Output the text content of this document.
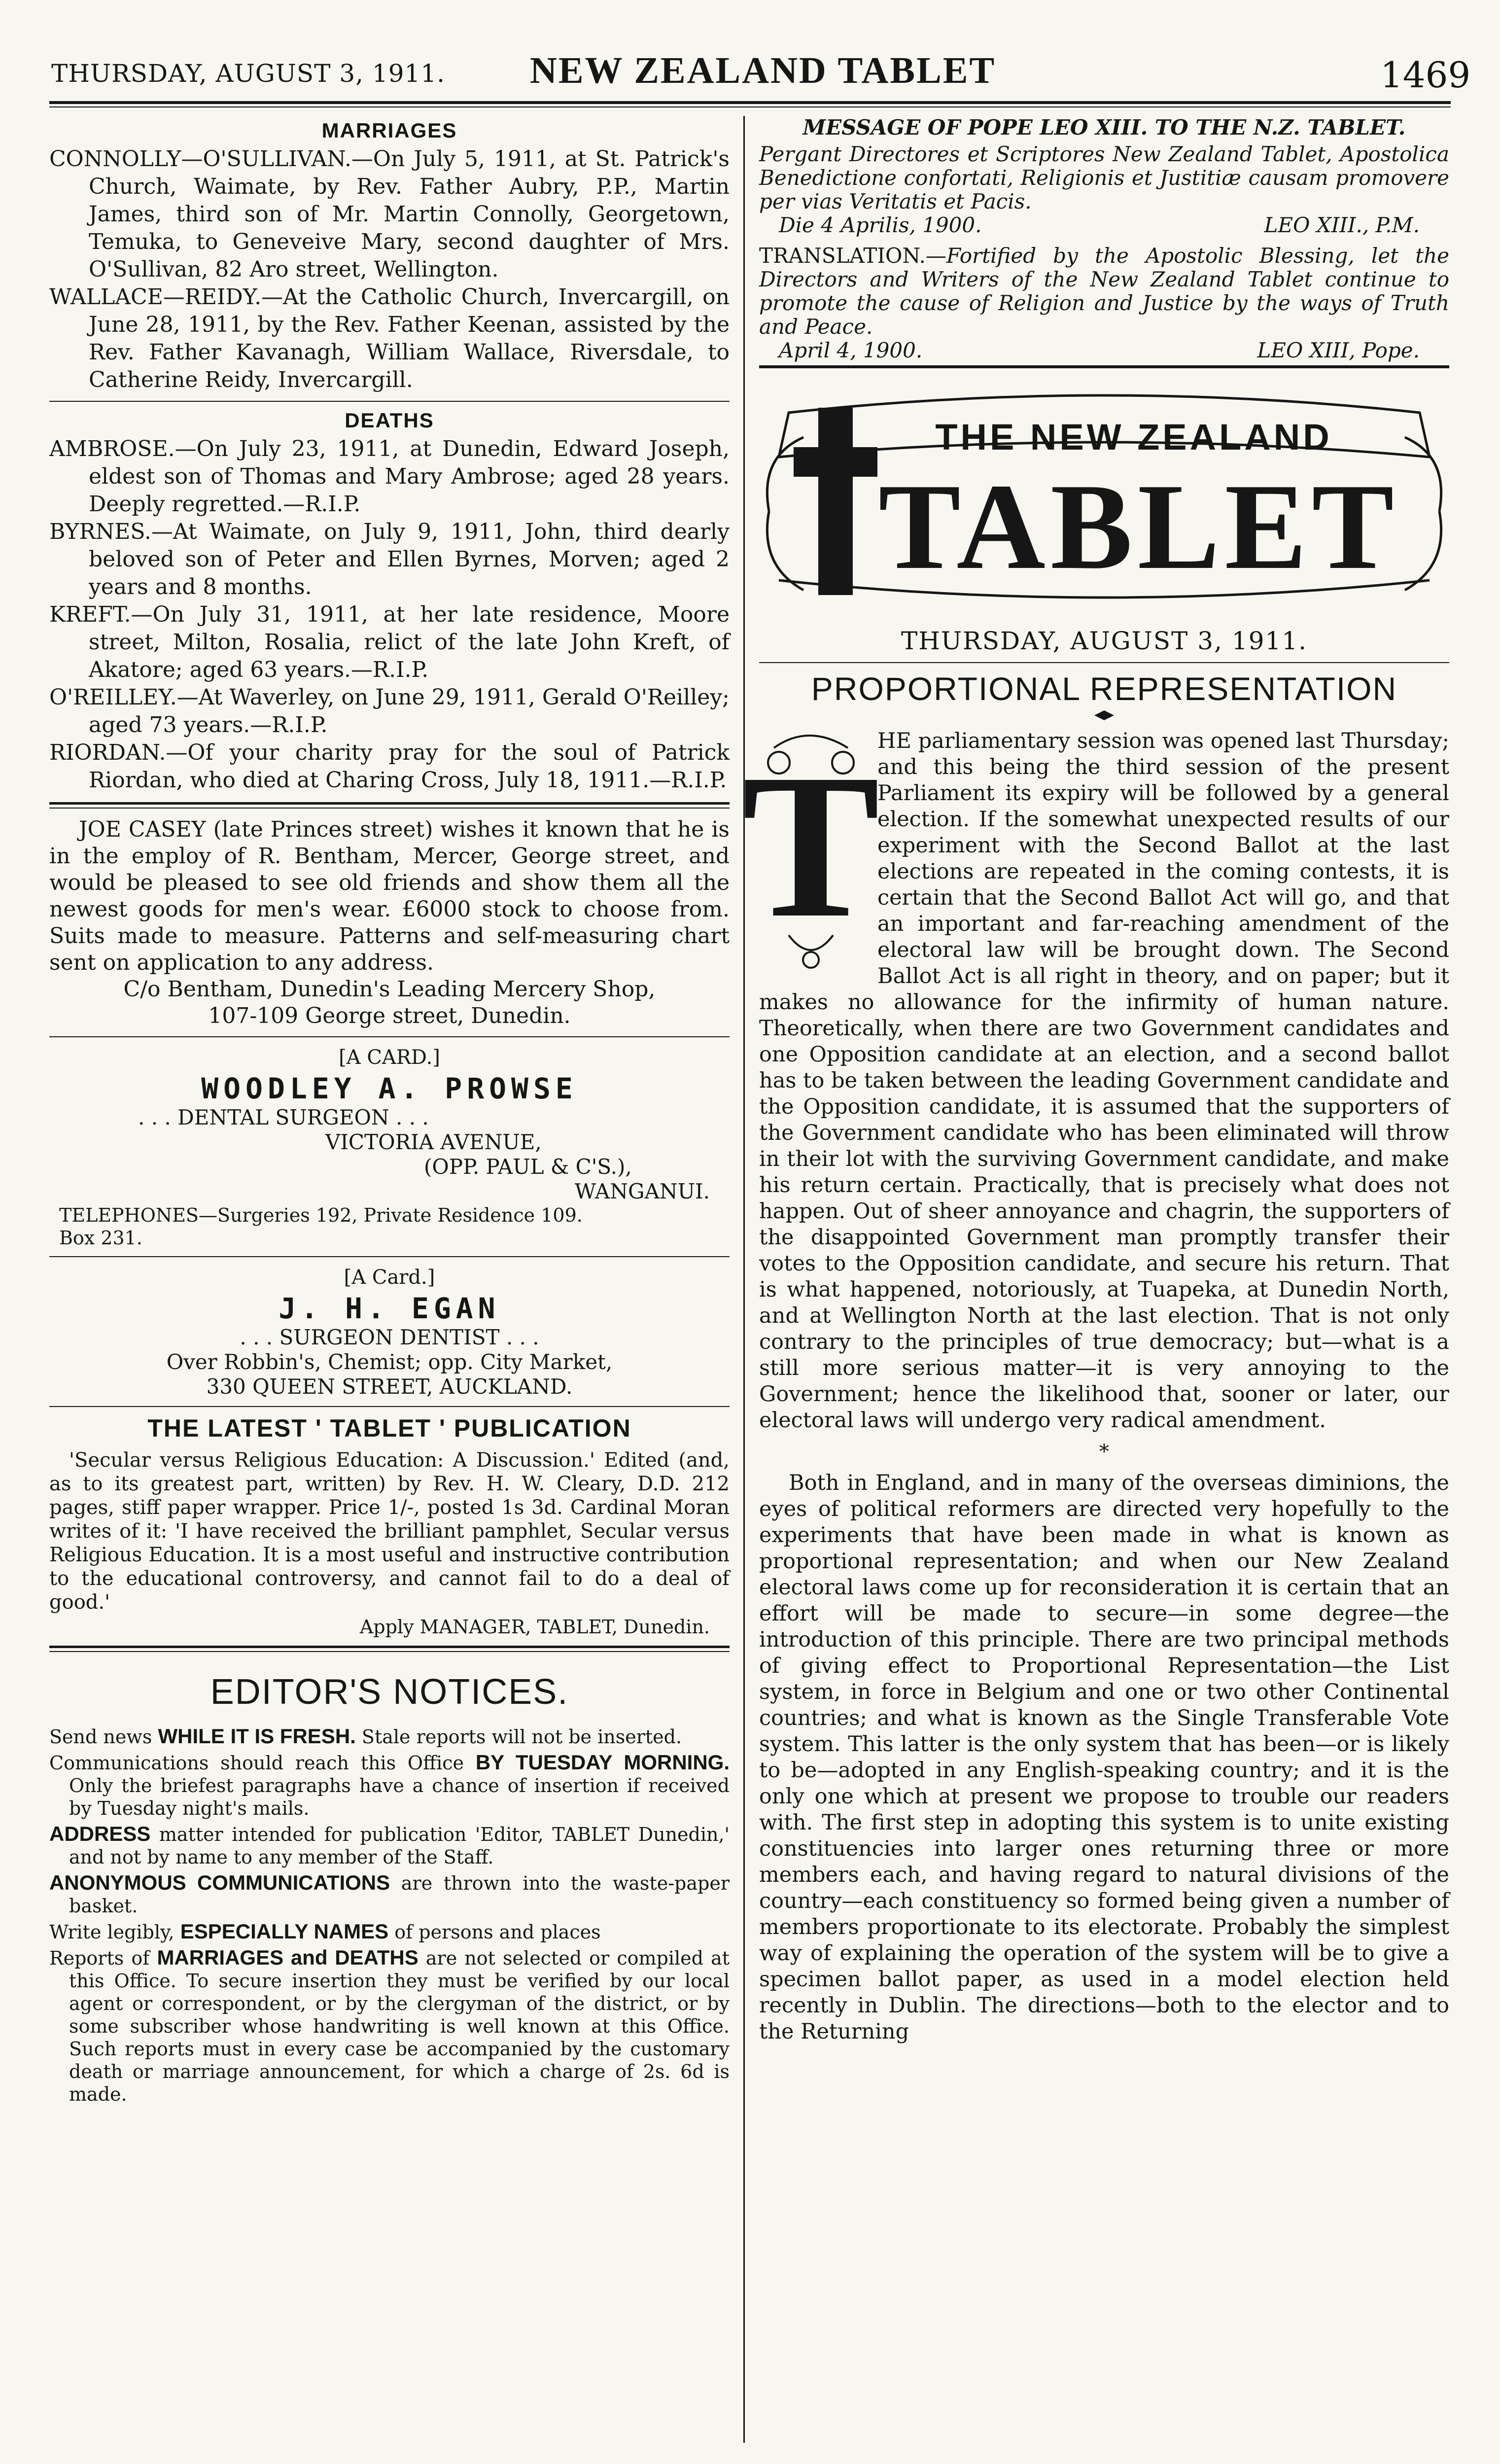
THURSDAY, AUGUST 3, 1911. NEW ZEALAND TABLET	1469
MARRIAGES

CONNOLLY—O'SULLIVAN.—On July 5, 1911, at St. Patrick's Church, Waimate, by Rev. Father Aubry, P.P., Martin James, third son of Mr. Martin Connolly, Georgetown, Temuka, to Geneveive Mary, second daughter of Mrs. O'Sullivan, 82 Aro street, Wellington.

WALLACE—REIDY.—At the Catholic Church, Invercargill, on June 28, 1911, by the Rev. Father Keenan, assisted by the Rev. Father Kavanagh, William Wallace, Riversdale, to Catherine Reidy, Invercargill.

DEATHS

AMBROSE.—On July 23, 1911, at Dunedin, Edward Joseph, eldest son of Thomas and Mary Ambrose; aged 28 years. Deeply regretted.—R.I.P.

BYRNES.—At Waimate, on July 9, 1911, John, third dearly beloved son of Peter and Ellen Byrnes, Morven; aged 2 years and 8 months.

KREFT.—On July 31, 1911, at her late residence, Moore street, Milton, Rosalia, relict of the late John Kreft, of Akatore; aged 63 years.—R.I.P.

O'REILLEY.—At Waverley, on June 29, 1911, Gerald O'Reilley; aged 73 years.—R.I.P.

RIORDAN.—Of your charity pray for the soul of Patrick Riordan, who died at Charing Cross, July 18, 1911.—R.I.P.

JOE CASEY (late Princes street) wishes it known that he is in the employ of R. Bentham, Mercer, George street, and would be pleased to see old friends and show them all the newest goods for men's wear. £6000 stock to choose from. Suits made to measure. Patterns and self-measuring chart sent on application to any address.

C/o Bentham, Dunedin's Leading Mercery Shop,
107-109 George street, Dunedin.
[A CARD.]
WOODLEY A. PROWSE
. . . DENTAL SURGEON . . .
VICTORIA AVENUE,
(OPP. PAUL & C'S.),
WANGANUI.
TELEPHONES—Surgeries 192, Private Residence 109.
Box 231.
[A Card.]
J. H. EGAN
. . . SURGEON DENTIST . . .
Over Robbin's, Chemist; opp. City Market,
330 QUEEN STREET, AUCKLAND.
THE LATEST ' TABLET ' PUBLICATION

'Secular versus Religious Education: A Discussion.' Edited (and, as to its greatest part, written) by Rev. H. W. Cleary, D.D. 212 pages, stiff paper wrapper. Price 1/-, posted 1s 3d. Cardinal Moran writes of it: 'I have received the brilliant pamphlet, Secular versus Religious Education. It is a most useful and instructive contribution to the educational controversy, and cannot fail to do a deal of good.'

Apply MANAGER, TABLET, Dunedin.
EDITOR'S NOTICES.

Send news WHILE IT IS FRESH. Stale reports will not be inserted.

Communications should reach this Office BY TUESDAY MORNING. Only the briefest paragraphs have a chance of insertion if received by Tuesday night's mails.

ADDRESS matter intended for publication 'Editor, TABLET Dunedin,' and not by name to any member of the Staff.

ANONYMOUS COMMUNICATIONS are thrown into the waste-paper basket.

Write legibly, ESPECIALLY NAMES of persons and places

Reports of MARRIAGES and DEATHS are not selected or compiled at this Office. To secure insertion they must be verified by our local agent or correspondent, or by the clergyman of the district, or by some subscriber whose handwriting is well known at this Office. Such reports must in every case be accompanied by the customary death or marriage announcement, for which a charge of 2s. 6d is made.

MESSAGE OF POPE LEO XIII. TO THE N.Z. TABLET.
Pergant Directores et Scriptores New Zealand Tablet, Apostolica Benedictione confortati, Religionis et Justitiæ causam promovere per vias Veritatis et Pacis.
Die 4 Aprilis, 1900.	LEO XIII., P.M.
TRANSLATION.—Fortified by the Apostolic Blessing, let the Directors and Writers of the New Zealand Tablet continue to promote the cause of Religion and Justice by the ways of Truth and Peace.
April 4, 1900.	LEO XIII, Pope.
THE NEW ZEALAND
TABLET
THURSDAY, AUGUST 3, 1911.
PROPORTIONAL REPRESENTATION
T

HE parliamentary session was opened last Thursday; and this being the third session of the present Parliament its expiry will be followed by a general election. If the somewhat unexpected results of our experiment with the Second Ballot at the last elections are repeated in the coming contests, it is certain that the Second Ballot Act will go, and that an important and far-reaching amendment of the electoral law will be brought down. The Second Ballot Act is all right in theory, and on paper; but it makes no allowance for the infirmity of human nature. Theoretically, when there are two Government candidates and one Opposition candidate at an election, and a second ballot has to be taken between the leading Government candidate and the Opposition candidate, it is assumed that the supporters of the Government candidate who has been eliminated will throw in their lot with the surviving Government candidate, and make his return certain. Practically, that is precisely what does not happen. Out of sheer annoyance and chagrin, the supporters of the disappointed Government man promptly transfer their votes to the Opposition candidate, and secure his return. That is what happened, notoriously, at Tuapeka, at Dunedin North, and at Wellington North at the last election. That is not only contrary to the principles of true democracy; but—what is a still more serious matter—it is very annoying to the Government; hence the likelihood that, sooner or later, our electoral laws will undergo very radical amendment.

*

Both in England, and in many of the overseas diminions, the eyes of political reformers are directed very hopefully to the experiments that have been made in what is known as proportional representation; and when our New Zealand electoral laws come up for reconsideration it is certain that an effort will be made to secure—in some degree—the introduction of this principle. There are two principal methods of giving effect to Proportional Representation—the List system, in force in Belgium and one or two other Continental countries; and what is known as the Single Transferable Vote system. This latter is the only system that has been—or is likely to be—adopted in any English-speaking country; and it is the only one which at present we propose to trouble our readers with. The first step in adopting this system is to unite existing constituencies into larger ones returning three or more members each, and having regard to natural divisions of the country—each constituency so formed being given a number of members proportionate to its electorate. Probably the simplest way of explaining the operation of the system will be to give a specimen ballot paper, as used in a model election held recently in Dublin. The directions—both to the elector and to the Returning
